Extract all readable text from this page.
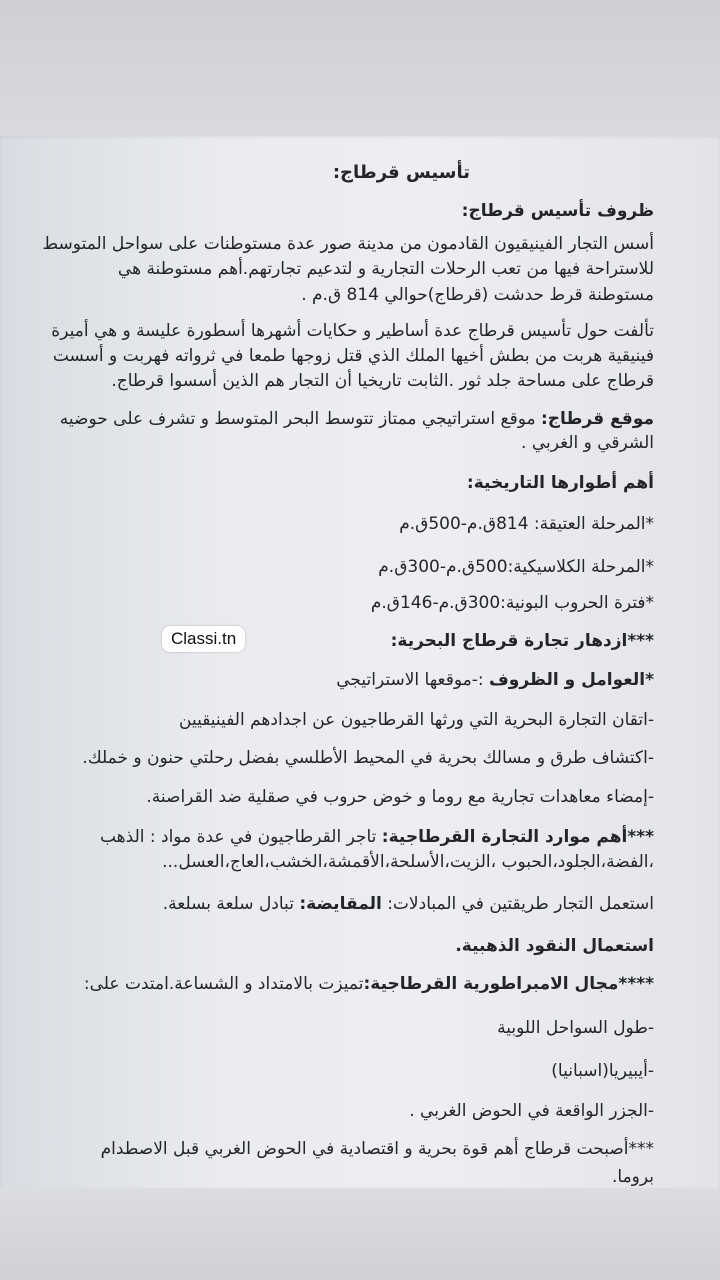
تأسيس قرطاج:
ظروف تأسيس قرطاج:
أسس التجار الفينيقيون القادمون من مدينة صور عدة مستوطنات على سواحل المتوسط
للاستراحة فيها من تعب الرحلات التجارية و لتدعيم تجارتهم.أهم مستوطنة هي
مستوطنة قرط حدشت (قرطاج)حوالي 814 ق.م .
تألفت حول تأسيس قرطاج عدة أساطير و حكايات أشهرها أسطورة عليسة و هي أميرة
فينيقية هربت من بطش أخيها الملك الذي قتل زوجها طمعا في ثرواته فهربت و أسست
قرطاج على مساحة جلد ثور .الثابت تاريخيا أن التجار هم الذين أسسوا قرطاج.
موقع قرطاج: موقع استراتيجي ممتاز تتوسط البحر المتوسط و تشرف على حوضيه
الشرقي و الغربي .
أهم أطوارها التاريخية:
*المرحلة العتيقة: 814ق.م-500ق.م
*المرحلة الكلاسيكية:500ق.م-300ق.م
*فترة الحروب البونية:300ق.م-146ق.م
***ازدهار تجارة قرطاج البحرية:
*العوامل و الظروف :-موقعها الاستراتيجي
-اتقان التجارة البحرية التي ورثها القرطاجيون عن اجدادهم الفينيقيين
-اكتشاف طرق و مسالك بحرية في المحيط الأطلسي بفضل رحلتي حنون و خملك.
-إمضاء معاهدات تجارية مع روما و خوض حروب في صقلية ضد القراصنة.
***أهم موارد التجارة القرطاجية: تاجر القرطاجيون في عدة مواد : الذهب
،الفضة،الجلود،الحبوب ،الزيت،الأسلحة،الأقمشة،الخشب،العاج،العسل...
استعمل التجار طريقتين في المبادلات: المقايضة: تبادل سلعة بسلعة.
استعمال النقود الذهبية.
****مجال الامبراطورية القرطاجية:تميزت بالامتداد و الشساعة.امتدت على:
-طول السواحل اللوبية
-أيبيريا(اسبانيا)
-الجزر الواقعة في الحوض الغربي .
***أصبحت قرطاج أهم قوة بحرية و اقتصادية في الحوض الغربي قبل الاصطدام
بروما.
Classi.tn
